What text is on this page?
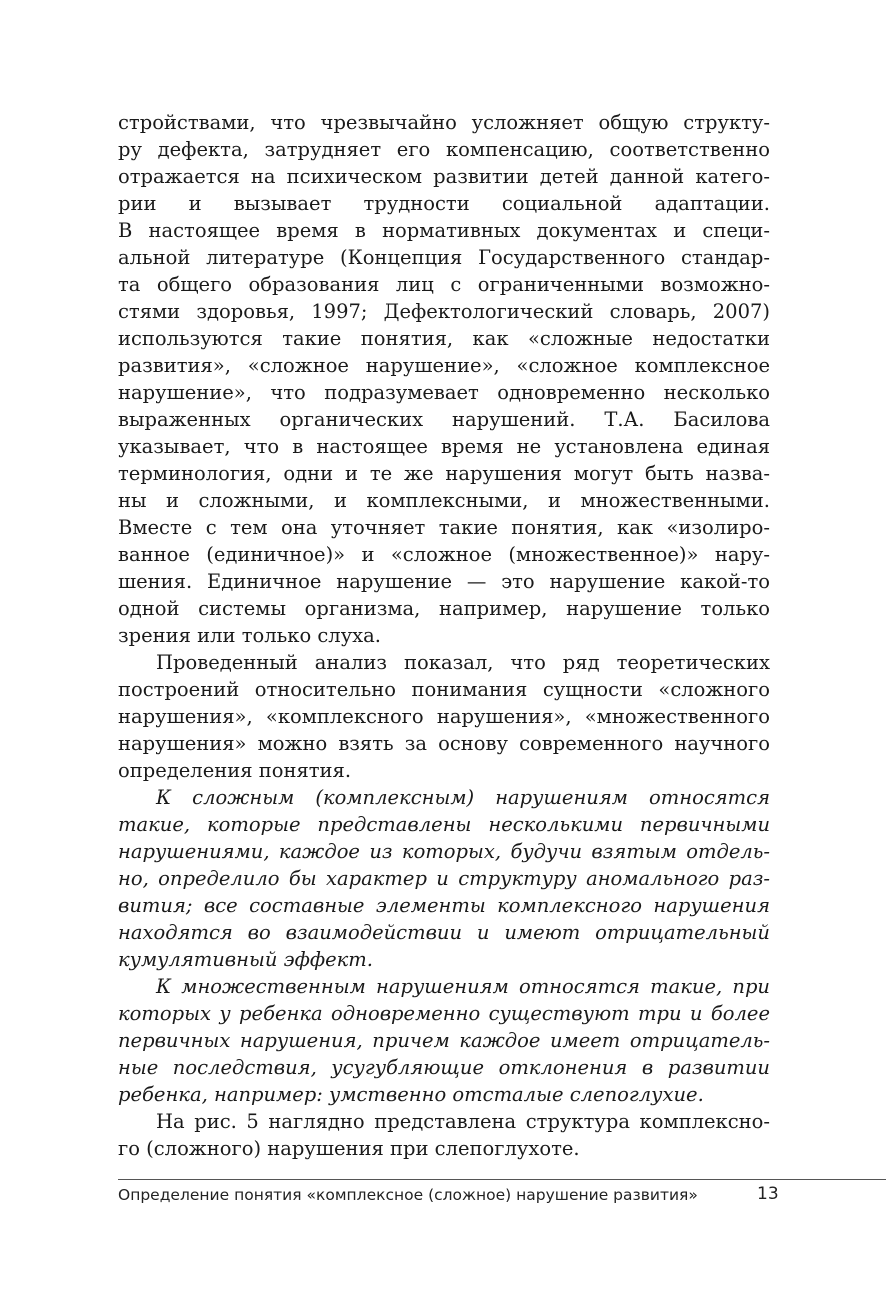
стройствами, что чрезвычайно усложняет общую структу-
ру дефекта, затрудняет его компенсацию, соответственно
отражается на психическом развитии детей данной катего-
рии и вызывает трудности социальной адаптации.
В настоящее время в нормативных документах и специ-
альной литературе (Концепция Государственного стандар-
та общего образования лиц с ограниченными возможно-
стями здоровья, 1997; Дефектологический словарь, 2007)
используются такие понятия, как «сложные недостатки
развития», «сложное нарушение», «сложное комплексное
нарушение», что подразумевает одновременно несколько
выраженных органических нарушений. Т.А. Басилова
указывает, что в настоящее время не установлена единая
терминология, одни и те же нарушения могут быть назва-
ны и сложными, и комплексными, и множественными.
Вместе с тем она уточняет такие понятия, как «изолиро-
ванное (единичное)» и «сложное (множественное)» нару-
шения. Единичное нарушение — это нарушение какой-то
одной системы организма, например, нарушение только
зрения или только слуха.
Проведенный анализ показал, что ряд теоретических
построений относительно понимания сущности «сложного
нарушения», «комплексного нарушения», «множественного
нарушения» можно взять за основу современного научного
определения понятия.
К сложным (комплексным) нарушениям относятся
такие, которые представлены несколькими первичными
нарушениями, каждое из которых, будучи взятым отдель-
но, определило бы характер и структуру аномального раз-
вития; все составные элементы комплексного нарушения
находятся во взаимодействии и имеют отрицательный
кумулятивный эффект.
К множественным нарушениям относятся такие, при
которых у ребенка одновременно существуют три и более
первичных нарушения, причем каждое имеет отрицатель-
ные последствия, усугубляющие отклонения в развитии
ребенка, например: умственно отсталые слепоглухие.
На рис. 5 наглядно представлена структура комплексно-
го (сложного) нарушения при слепоглухоте.
Определение понятия «комплексное (сложное) нарушение развития»	13
